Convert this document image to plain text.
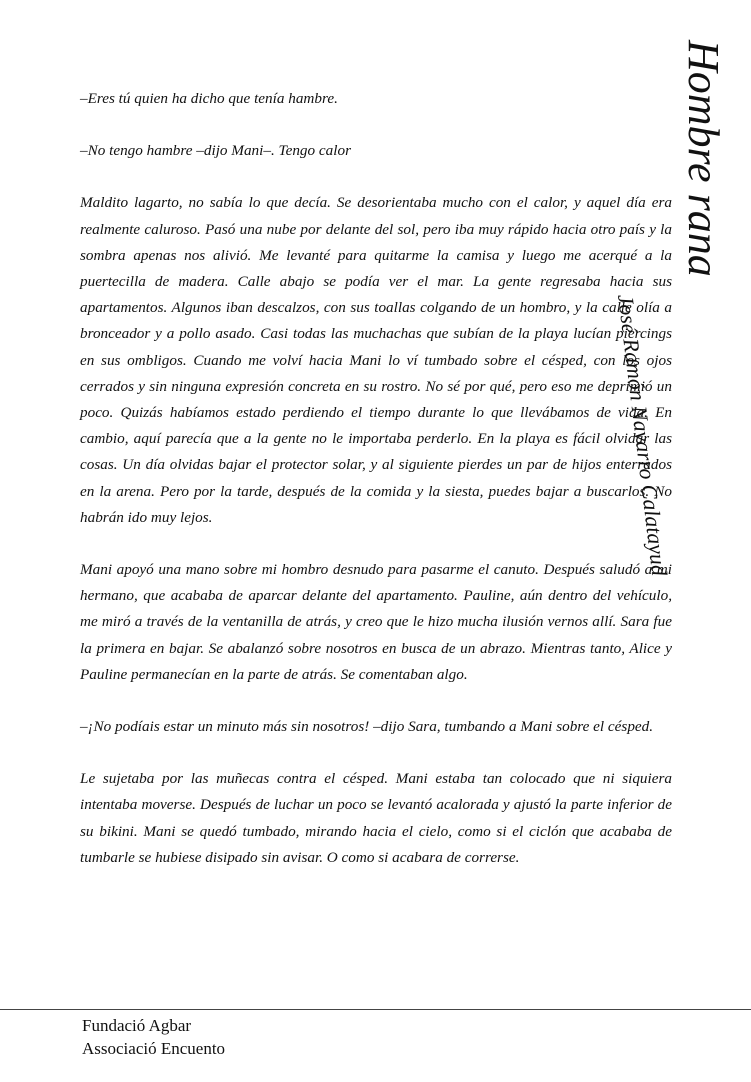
–Eres tú quien ha dicho que tenía hambre.

–No tengo hambre –dijo Mani–. Tengo calor

Maldito lagarto, no sabía lo que decía. Se desorientaba mucho con el calor, y aquel día era realmente caluroso. Pasó una nube por delante del sol, pero iba muy rápido hacia otro país y la sombra apenas nos alivió. Me levanté para quitarme la camisa y luego me acerqué a la puertecilla de madera. Calle abajo se podía ver el mar. La gente regresaba hacia sus apartamentos. Algunos iban descalzos, con sus toallas colgando de un hombro, y la calle olía a bronceador y a pollo asado. Casi todas las muchachas que subían de la playa lucían piercings en sus ombligos. Cuando me volví hacia Mani lo ví tumbado sobre el césped, con los ojos cerrados y sin ninguna expresión concreta en su rostro. No sé por qué, pero eso me deprimió un poco. Quizás habíamos estado perdiendo el tiempo durante lo que llevábamos de vida. En cambio, aquí parecía que a la gente no le importaba perderlo. En la playa es fácil olvidar las cosas. Un día olvidas bajar el protector solar, y al siguiente pierdes un par de hijos enterrados en la arena. Pero por la tarde, después de la comida y la siesta, puedes bajar a buscarlos. No habrán ido muy lejos.

Mani apoyó una mano sobre mi hombro desnudo para pasarme el canuto. Después saludó a mi hermano, que acababa de aparcar delante del apartamento. Pauline, aún dentro del vehículo, me miró a través de la ventanilla de atrás, y creo que le hizo mucha ilusión vernos allí. Sara fue la primera en bajar. Se abalanzó sobre nosotros en busca de un abrazo. Mientras tanto, Alice y Pauline permanecían en la parte de atrás. Se comentaban algo.

–¡No podíais estar un minuto más sin nosotros! –dijo Sara, tumbando a Mani sobre el césped.

Le sujetaba por las muñecas contra el césped. Mani estaba tan colocado que ni siquiera intentaba moverse. Después de luchar un poco se levantó acalorada y ajustó la parte inferior de su bikini. Mani se quedó tumbado, mirando hacia el cielo, como si el ciclón que acababa de tumbarle se hubiese disipado sin avisar. O como si acabara de correrse.

Hombre rana
José Ramón Navarro Calatayud
Fundació Agbar
Associació Encuento
